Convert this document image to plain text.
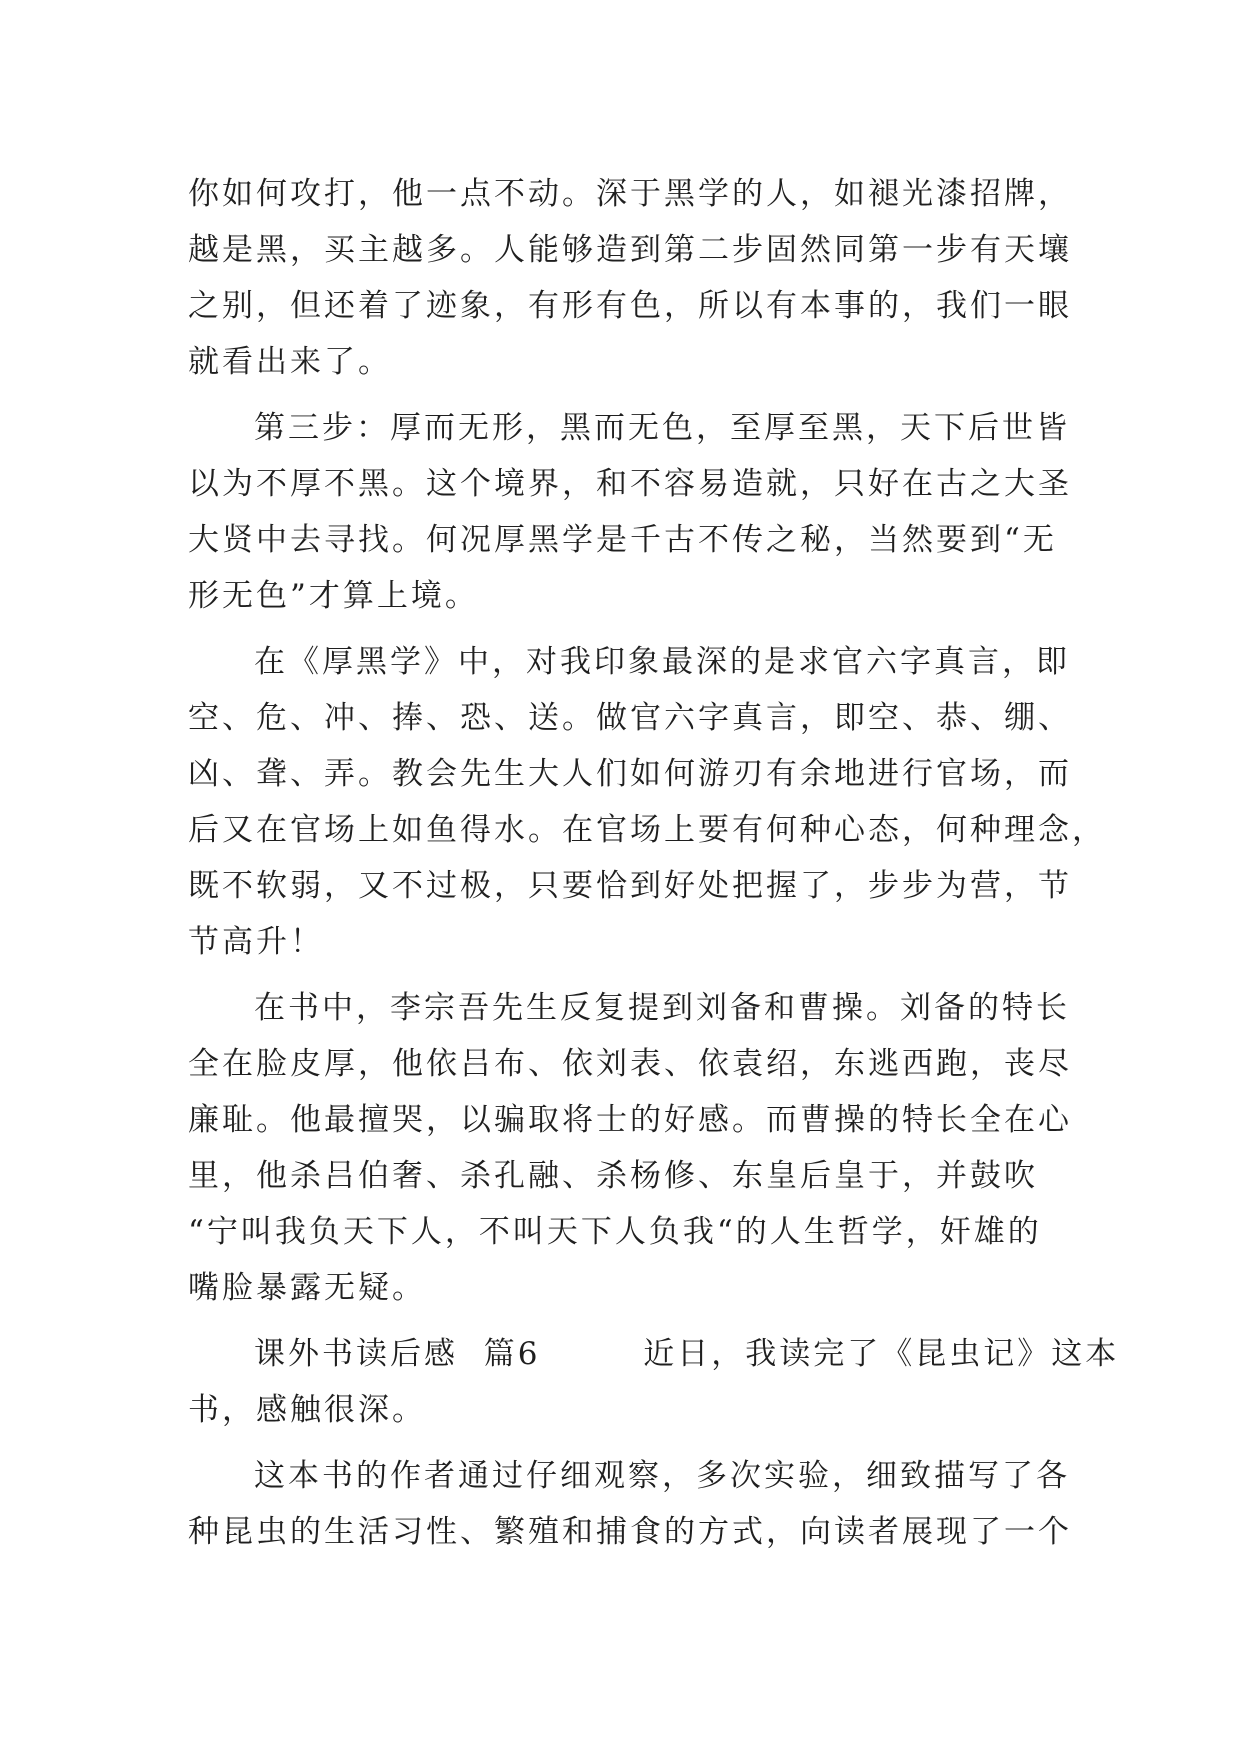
你如何攻打，他一点不动。深于黑学的人，如褪光漆招牌，
越是黑，买主越多。人能够造到第二步固然同第一步有天壤
之别，但还着了迹象，有形有色，所以有本事的，我们一眼
就看出来了。
第三步：厚而无形，黑而无色，至厚至黑，天下后世皆
以为不厚不黑。这个境界，和不容易造就，只好在古之大圣
大贤中去寻找。何况厚黑学是千古不传之秘，当然要到“无
形无色”才算上境。
在《厚黑学》中，对我印象最深的是求官六字真言，即
空、危、冲、捧、恐、送。做官六字真言，即空、恭、绷、
凶、聋、弄。教会先生大人们如何游刃有余地进行官场，而
后又在官场上如鱼得水。在官场上要有何种心态，何种理念，
既不软弱，又不过极，只要恰到好处把握了，步步为营，节
节高升！
在书中，李宗吾先生反复提到刘备和曹操。刘备的特长
全在脸皮厚，他依吕布、依刘表、依袁绍，东逃西跑，丧尽
廉耻。他最擅哭，以骗取将士的好感。而曹操的特长全在心
里，他杀吕伯奢、杀孔融、杀杨修、东皇后皇于，并鼓吹
“宁叫我负天下人，不叫天下人负我“的人生哲学，奸雄的
嘴脸暴露无疑。
课外书读后感  篇6        近日，我读完了《昆虫记》这本
书，感触很深。
这本书的作者通过仔细观察，多次实验，细致描写了各
种昆虫的生活习性、繁殖和捕食的方式，向读者展现了一个
